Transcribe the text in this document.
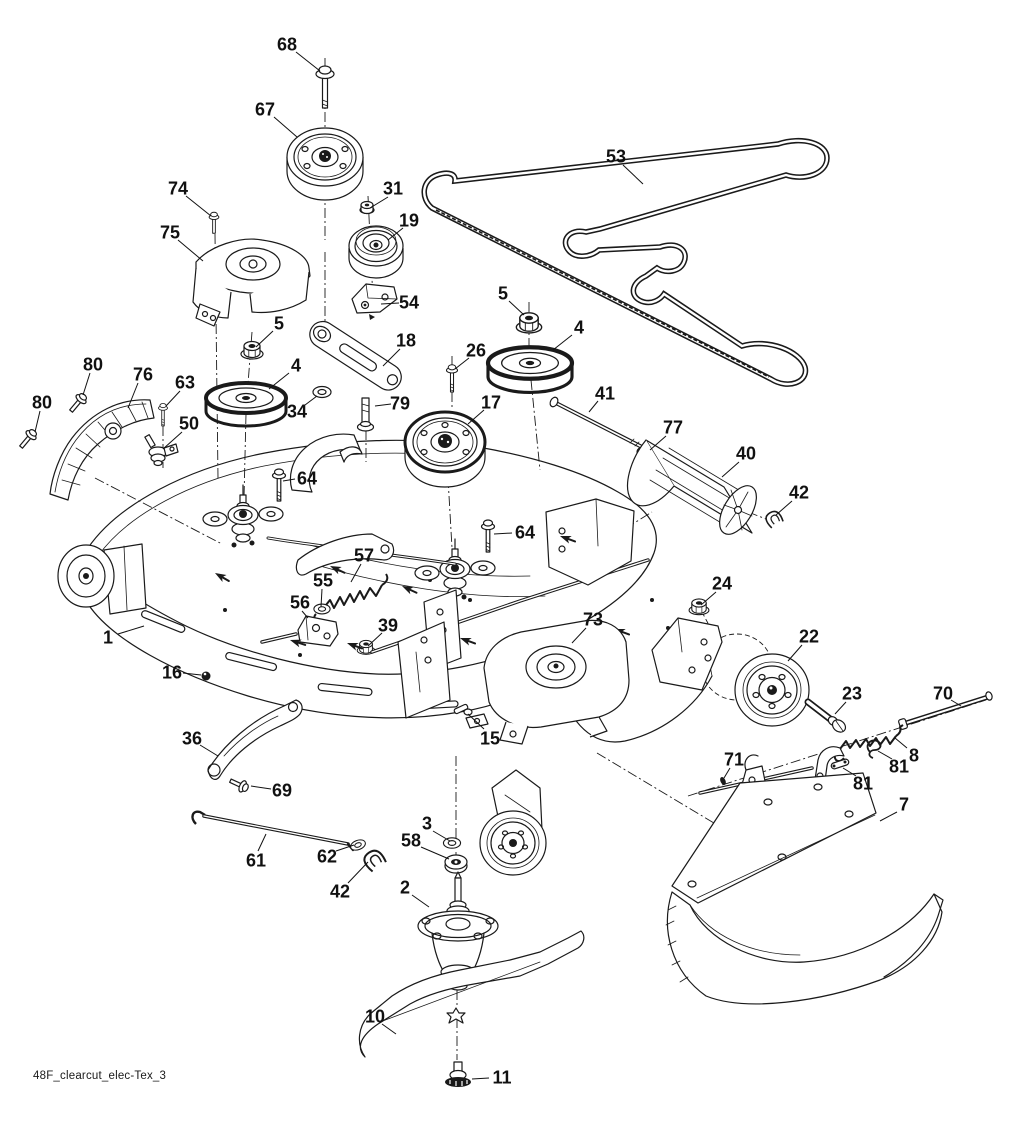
68
67
53
74	31
19
75
5
54
4
5
18	26
4
34	79
80 76 63
80	17	41
50	77
40
64
42
64
57
55	24
56
73
39
22
1
16
23	70
15
36
8
71	81
81
69
7
3
58
61	62
2
42
10
11
48F_clearcut_elec-Tex_3
